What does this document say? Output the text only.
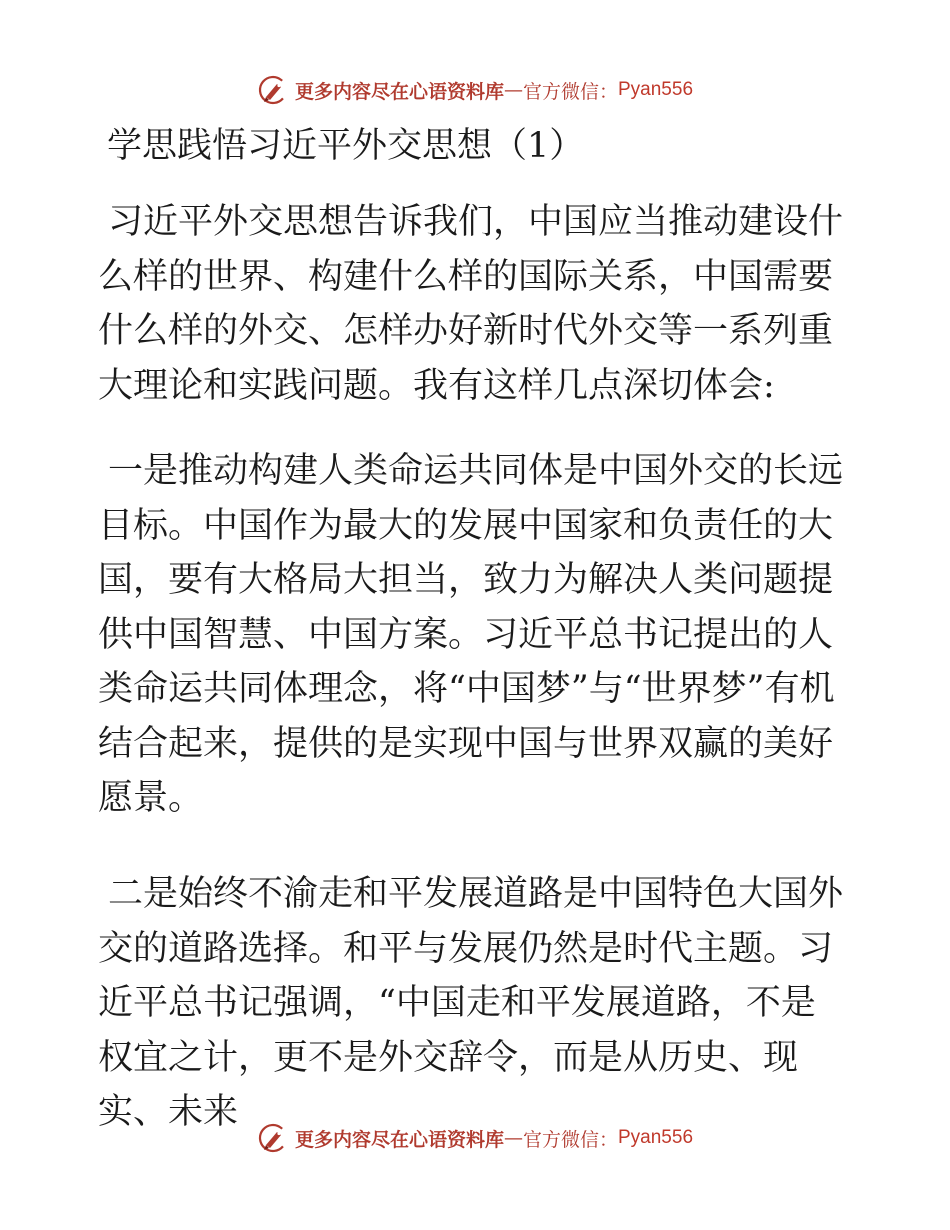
更多内容尽在心语资料库 — 官方微信： Pyan556
学思践悟习近平外交思想（1）

习近平外交思想告诉我们，中国应当推动建设什么样的世界、构建什么样的国际关系，中国需要什么样的外交、怎样办好新时代外交等一系列重大理论和实践问题。我有这样几点深切体会:

一是推动构建人类命运共同体是中国外交的长远目标。中国作为最大的发展中国家和负责任的大国，要有大格局大担当，致力为解决人类问题提供中国智慧、中国方案。习近平总书记提出的人类命运共同体理念，将“中国梦”与“世界梦”有机结合起来，提供的是实现中国与世界双赢的美好愿景。

二是始终不渝走和平发展道路是中国特色大国外交的道路选择。和平与发展仍然是时代主题。习近平总书记强调，“中国走和平发展道路，不是权宜之计，更不是外交辞令，而是从历史、现实、未来

更多内容尽在心语资料库 — 官方微信： Pyan556
